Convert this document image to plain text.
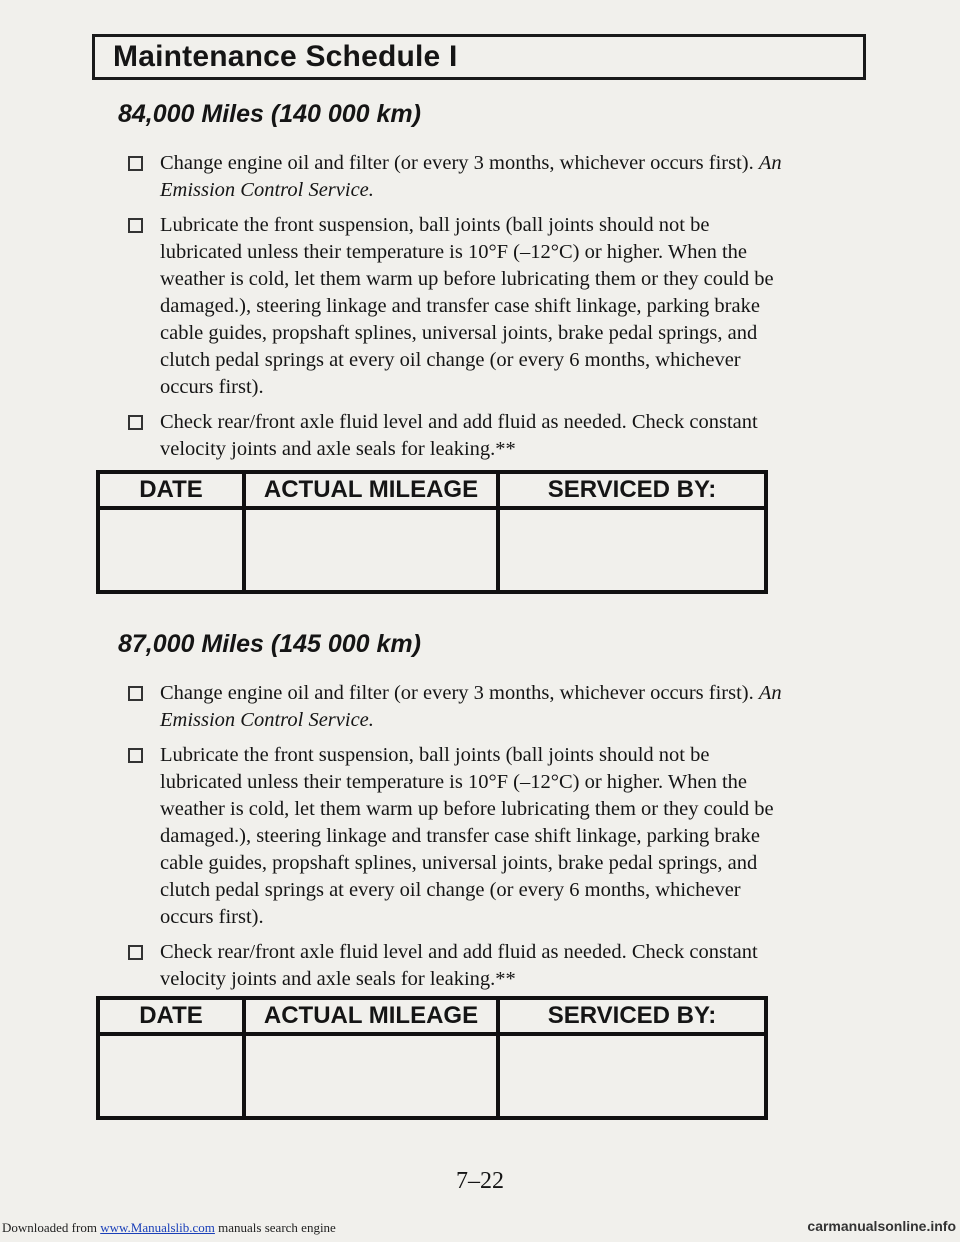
Maintenance Schedule I
84,000 Miles (140 000 km)
Change engine oil and filter (or every 3 months, whichever occurs first). An Emission Control Service.
Lubricate the front suspension, ball joints (ball joints should not be lubricated unless their temperature is 10°F (–12°C) or higher. When the weather is cold, let them warm up before lubricating them or they could be damaged.), steering linkage and transfer case shift linkage, parking brake cable guides, propshaft splines, universal joints, brake pedal springs, and clutch pedal springs at every oil change (or every 6 months, whichever occurs first).
Check rear/front axle fluid level and add fluid as needed. Check constant velocity joints and axle seals for leaking.**
DATE	ACTUAL MILEAGE	SERVICED BY:
87,000 Miles (145 000 km)
Change engine oil and filter (or every 3 months, whichever occurs first). An Emission Control Service.
Lubricate the front suspension, ball joints (ball joints should not be lubricated unless their temperature is 10°F (–12°C) or higher. When the weather is cold, let them warm up before lubricating them or they could be damaged.), steering linkage and transfer case shift linkage, parking brake cable guides, propshaft splines, universal joints, brake pedal springs, and clutch pedal springs at every oil change (or every 6 months, whichever occurs first).
Check rear/front axle fluid level and add fluid as needed. Check constant velocity joints and axle seals for leaking.**
DATE	ACTUAL MILEAGE	SERVICED BY:
7–22
Downloaded from www.Manualslib.com manuals search engine	carmanualsonline.info
